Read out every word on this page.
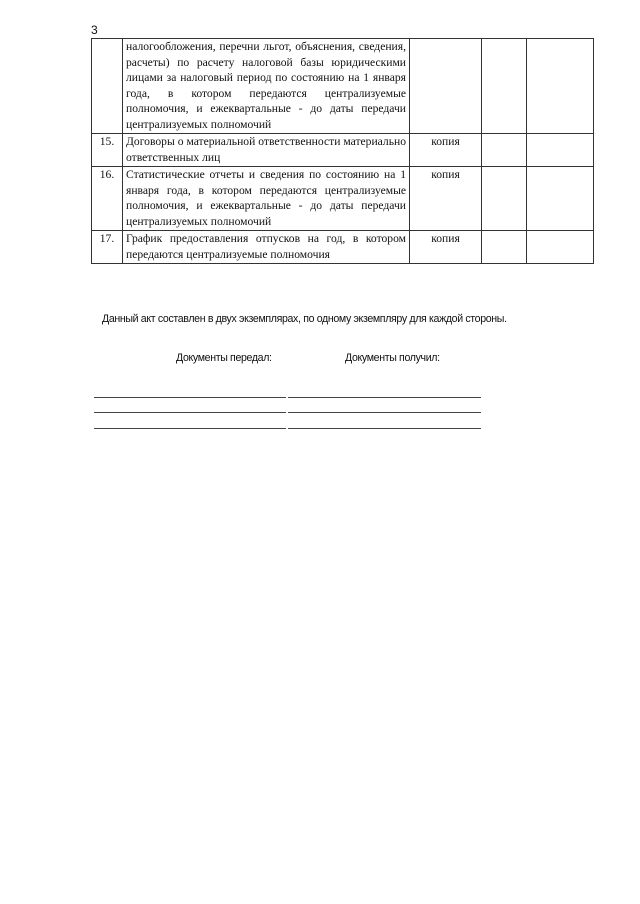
3
	налогообложения, перечни льгот, объяснения, сведения, расчеты) по расчету налоговой базы юридическими лицами за налоговый период по состоянию на 1 января года, в котором передаются централизуемые полномочия, и ежеквартальные - до даты передачи централизуемых полномочий			
15.	Договоры о материальной ответственности материально ответственных лиц	копия		
16.	Статистические отчеты и сведения по состоянию на 1 января года, в котором передаются централизуемые полномочия, и ежеквартальные - до даты передачи централизуемых полномочий	копия		
17.	График предоставления отпусков на год, в котором передаются централизуемые полномочия	копия		
Данный акт составлен в двух экземплярах, по одному экземпляру для каждой стороны.
Документы передал:	Документы получил:
